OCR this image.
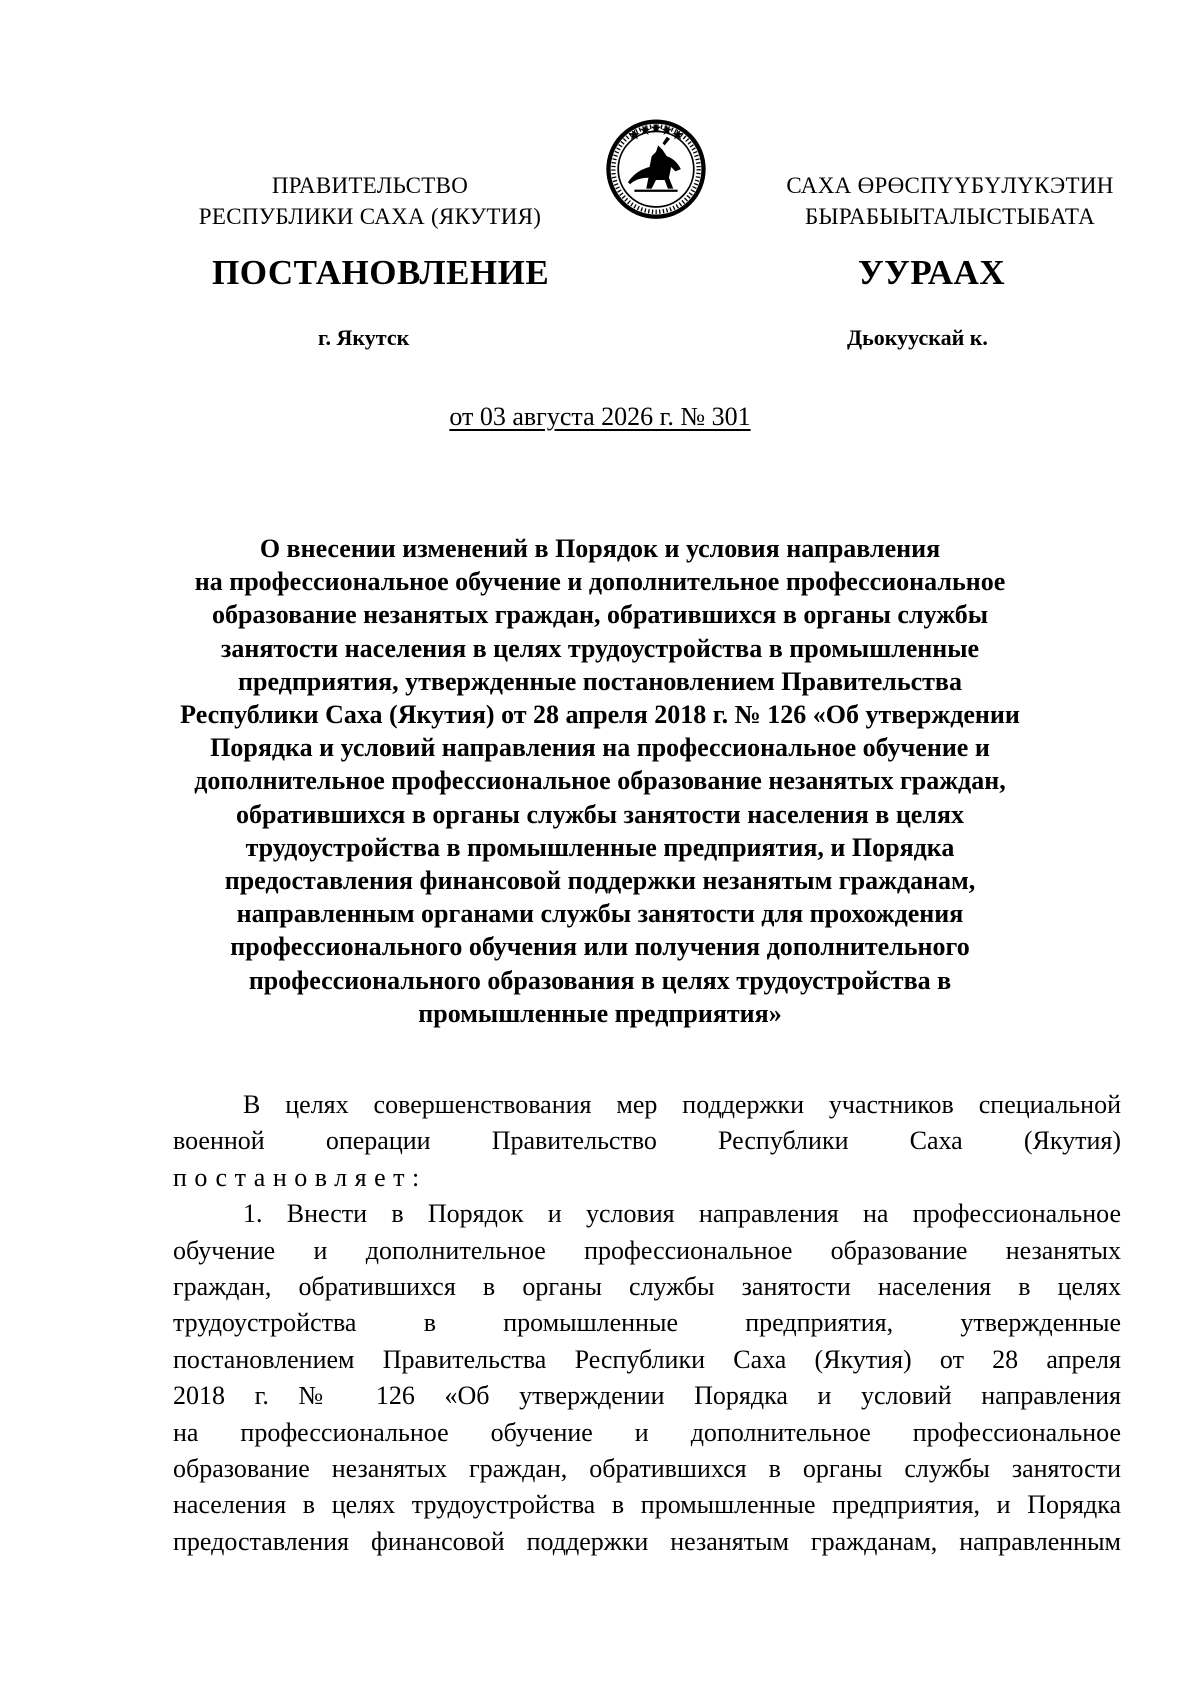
ПРАВИТЕЛЬСТВО
РЕСПУБЛИКИ САХА (ЯКУТИЯ)
САХА ӨРӨСПҮҮБҮЛҮКЭТИН
БЫРАБЫЫТАЛЫСТЫБАТА
ПОСТАНОВЛЕНИЕ	УУРААХ
г. Якутск	Дьокуускай к.
от 03 августа 2026 г. № 301
О внесении изменений в Порядок и условия направления
на профессиональное обучение и дополнительное профессиональное
образование незанятых граждан, обратившихся в органы службы
занятости населения в целях трудоустройства в промышленные
предприятия, утвержденные постановлением Правительства
Республики Саха (Якутия) от 28 апреля 2018 г. № 126 «Об утверждении
Порядка и условий направления на профессиональное обучение и
дополнительное профессиональное образование незанятых граждан,
обратившихся в органы службы занятости населения в целях
трудоустройства в промышленные предприятия, и Порядка
предоставления финансовой поддержки незанятым гражданам,
направленным органами службы занятости для прохождения
профессионального обучения или получения дополнительного
профессионального образования в целях трудоустройства в
промышленные предприятия»
В целях совершенствования мер поддержки участников специальной
военной операции Правительство Республики Саха (Якутия)
постановляет:
1. Внести в Порядок и условия направления на профессиональное
обучение и дополнительное профессиональное образование незанятых
граждан, обратившихся в органы службы занятости населения в целях
трудоустройства в промышленные предприятия, утвержденные
постановлением Правительства Республики Саха (Якутия) от 28 апреля
2018 г. № 126 «Об утверждении Порядка и условий направления
на профессиональное обучение и дополнительное профессиональное
образование незанятых граждан, обратившихся в органы службы занятости
населения в целях трудоустройства в промышленные предприятия, и Порядка
предоставления финансовой поддержки незанятым гражданам, направленным
